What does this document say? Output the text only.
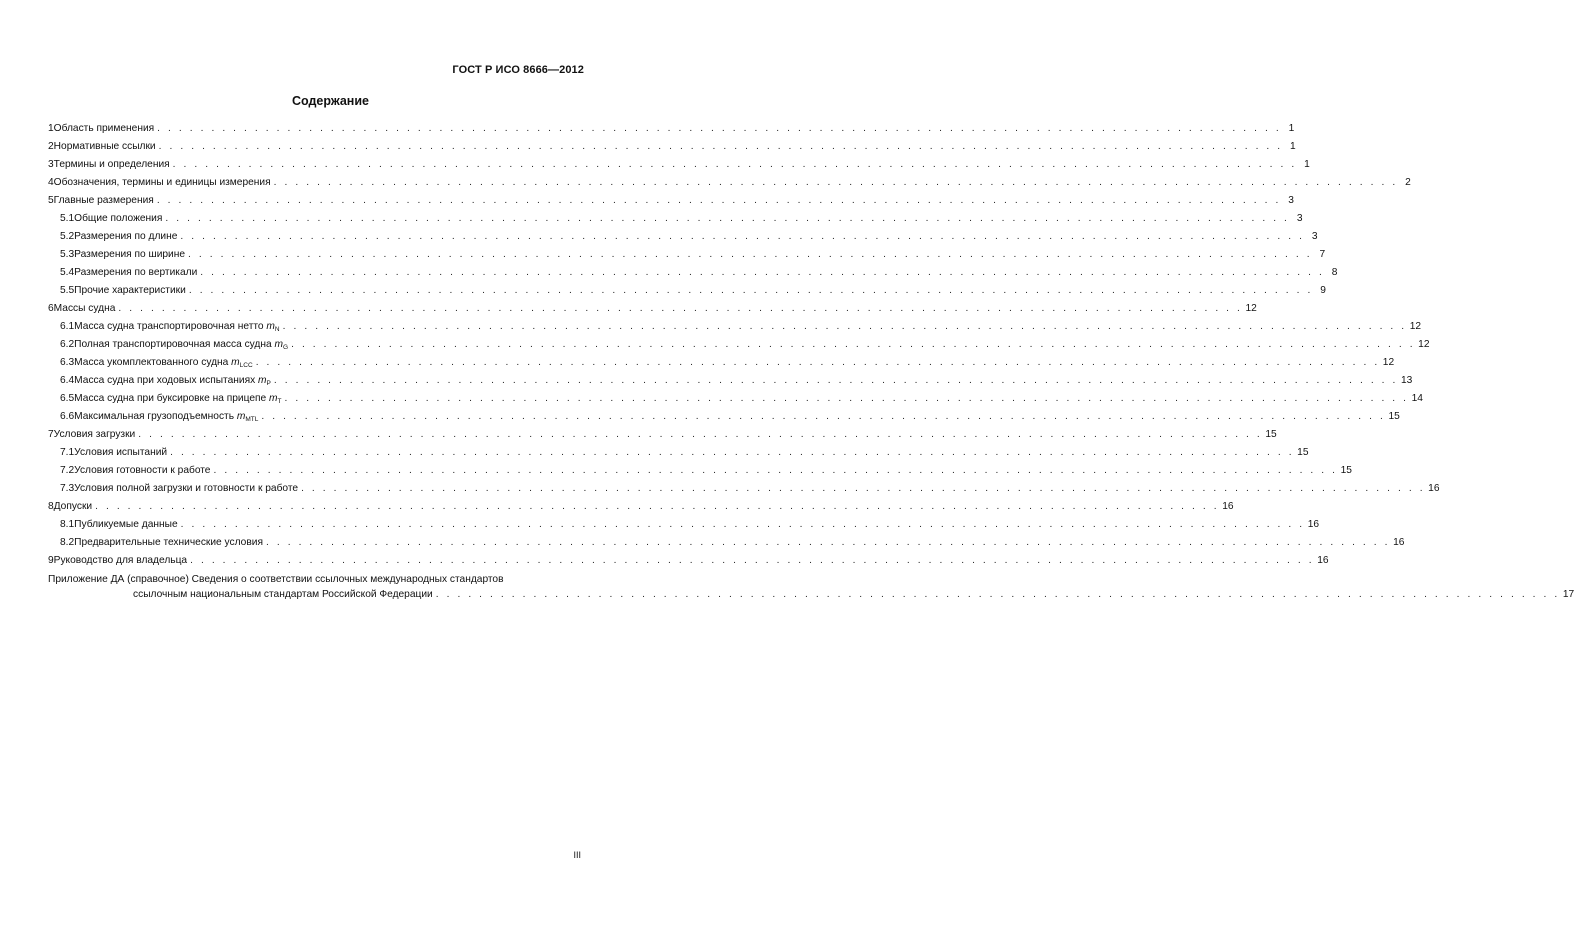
ГОСТ Р ИСО 8666—2012
Содержание
1 Область применения . . . . . . . . . . . . . . . . . . . . . . . . . . . . . . . . . . . . . . . . . . . . . . . . . . . . . . . . . . . . . . . . . . . . . . . . . . . . . . . . . . . . . . . . . . . . . . . . . . . . . . . . 1
2 Нормативные ссылки . . . . . . . . . . . . . . . . . . . . . . . . . . . . . . . . . . . . . . . . . . . . . . . . . . . . . . . . . . . . . . . . . . . . . . . . . . . . . . . . . . . . . . . . . . . . . . . . . . . . . . . . 1
3 Термины и определения . . . . . . . . . . . . . . . . . . . . . . . . . . . . . . . . . . . . . . . . . . . . . . . . . . . . . . . . . . . . . . . . . . . . . . . . . . . . . . . . . . . . . . . . . . . . . . . . . . . . . . . . 1
4 Обозначения, термины и единицы измерения . . . . . . . . . . . . . . . . . . . . . . . . . . . . . . . . . . . . . . . . . . . . . . . . . . . . . . . . . . . . . . . . . . . . . . . . . . . . . . . . . . . . . . . . . . . . . . . . . . . . . . . . 2
5 Главные размерения . . . . . . . . . . . . . . . . . . . . . . . . . . . . . . . . . . . . . . . . . . . . . . . . . . . . . . . . . . . . . . . . . . . . . . . . . . . . . . . . . . . . . . . . . . . . . . . . . . . . . . . . 3
5.1 Общие положения . . . . . . . . . . . . . . . . . . . . . . . . . . . . . . . . . . . . . . . . . . . . . . . . . . . . . . . . . . . . . . . . . . . . . . . . . . . . . . . . . . . . . . . . . . . . . . . . . . . . . . . . 3
5.2 Размерения по длине . . . . . . . . . . . . . . . . . . . . . . . . . . . . . . . . . . . . . . . . . . . . . . . . . . . . . . . . . . . . . . . . . . . . . . . . . . . . . . . . . . . . . . . . . . . . . . . . . . . . . . . . 3
5.3 Размерения по ширине . . . . . . . . . . . . . . . . . . . . . . . . . . . . . . . . . . . . . . . . . . . . . . . . . . . . . . . . . . . . . . . . . . . . . . . . . . . . . . . . . . . . . . . . . . . . . . . . . . . . . . . . 7
5.4 Размерения по вертикали . . . . . . . . . . . . . . . . . . . . . . . . . . . . . . . . . . . . . . . . . . . . . . . . . . . . . . . . . . . . . . . . . . . . . . . . . . . . . . . . . . . . . . . . . . . . . . . . . . . . . . . . 8
5.5 Прочие характеристики . . . . . . . . . . . . . . . . . . . . . . . . . . . . . . . . . . . . . . . . . . . . . . . . . . . . . . . . . . . . . . . . . . . . . . . . . . . . . . . . . . . . . . . . . . . . . . . . . . . . . . . . 9
6 Массы судна . . . . . . . . . . . . . . . . . . . . . . . . . . . . . . . . . . . . . . . . . . . . . . . . . . . . . . . . . . . . . . . . . . . . . . . . . . . . . . . . . . . . . . . . . . . . . . . . . . . . . . . . 12
6.1 Масса судна транспортировочная нетто $m_N$ . . . . . . . . . . . . . . . . . . . . . . . . . . . . . . . . . . . . . . . . . . . . . . . . . . . . . . . . . . . . . . . . . . . . . . . . . . . . . . . . . . . . . . . . . . . . . . . . . . . . . . . . 12
6.2 Полная транспортировочная масса судна $m_G$ . . . . . . . . . . . . . . . . . . . . . . . . . . . . . . . . . . . . . . . . . . . . . . . . . . . . . . . . . . . . . . . . . . . . . . . . . . . . . . . . . . . . . . . . . . . . . . . . . . . . . . . . 12
6.3 Масса укомплектованного судна $m_{LCC}$ . . . . . . . . . . . . . . . . . . . . . . . . . . . . . . . . . . . . . . . . . . . . . . . . . . . . . . . . . . . . . . . . . . . . . . . . . . . . . . . . . . . . . . . . . . . . . . . . . . . . . . . . 12
6.4 Масса судна при ходовых испытаниях $m_P$ . . . . . . . . . . . . . . . . . . . . . . . . . . . . . . . . . . . . . . . . . . . . . . . . . . . . . . . . . . . . . . . . . . . . . . . . . . . . . . . . . . . . . . . . . . . . . . . . . . . . . . . . 13
6.5 Масса судна при буксировке на прицепе $m_T$ . . . . . . . . . . . . . . . . . . . . . . . . . . . . . . . . . . . . . . . . . . . . . . . . . . . . . . . . . . . . . . . . . . . . . . . . . . . . . . . . . . . . . . . . . . . . . . . . . . . . . . . . 14
6.6 Максимальная грузоподъемность $m_{MTL}$ . . . . . . . . . . . . . . . . . . . . . . . . . . . . . . . . . . . . . . . . . . . . . . . . . . . . . . . . . . . . . . . . . . . . . . . . . . . . . . . . . . . . . . . . . . . . . . . . . . . . . . . . 15
7 Условия загрузки . . . . . . . . . . . . . . . . . . . . . . . . . . . . . . . . . . . . . . . . . . . . . . . . . . . . . . . . . . . . . . . . . . . . . . . . . . . . . . . . . . . . . . . . . . . . . . . . . . . . . . . . 15
7.1 Условия испытаний . . . . . . . . . . . . . . . . . . . . . . . . . . . . . . . . . . . . . . . . . . . . . . . . . . . . . . . . . . . . . . . . . . . . . . . . . . . . . . . . . . . . . . . . . . . . . . . . . . . . . . . . 15
7.2 Условия готовности к работе . . . . . . . . . . . . . . . . . . . . . . . . . . . . . . . . . . . . . . . . . . . . . . . . . . . . . . . . . . . . . . . . . . . . . . . . . . . . . . . . . . . . . . . . . . . . . . . . . . . . . . . . 15
7.3 Условия полной загрузки и готовности к работе . . . . . . . . . . . . . . . . . . . . . . . . . . . . . . . . . . . . . . . . . . . . . . . . . . . . . . . . . . . . . . . . . . . . . . . . . . . . . . . . . . . . . . . . . . . . . . . . . . . . . . . . 16
8 Допуски . . . . . . . . . . . . . . . . . . . . . . . . . . . . . . . . . . . . . . . . . . . . . . . . . . . . . . . . . . . . . . . . . . . . . . . . . . . . . . . . . . . . . . . . . . . . . . . . . . . . . . . . 16
8.1 Публикуемые данные . . . . . . . . . . . . . . . . . . . . . . . . . . . . . . . . . . . . . . . . . . . . . . . . . . . . . . . . . . . . . . . . . . . . . . . . . . . . . . . . . . . . . . . . . . . . . . . . . . . . . . . . 16
8.2 Предварительные технические условия . . . . . . . . . . . . . . . . . . . . . . . . . . . . . . . . . . . . . . . . . . . . . . . . . . . . . . . . . . . . . . . . . . . . . . . . . . . . . . . . . . . . . . . . . . . . . . . . . . . . . . . . 16
9 Руководство для владельца . . . . . . . . . . . . . . . . . . . . . . . . . . . . . . . . . . . . . . . . . . . . . . . . . . . . . . . . . . . . . . . . . . . . . . . . . . . . . . . . . . . . . . . . . . . . . . . . . . . . . . . . 16
Приложение ДА (справочное) Сведения о соответствии ссылочных международных стандартов
ссылочным национальным стандартам Российской Федерации . . . . . . . . . . . . . . . . . . . . . . . . . . . . . . . . . . . . . . . . . . . . . . . . . . . . . . . . . . . . . . . . . . . . . . . . . . . . . . . . . . . . . . . . . . . . . . . . . . . . . . . . 17
III
